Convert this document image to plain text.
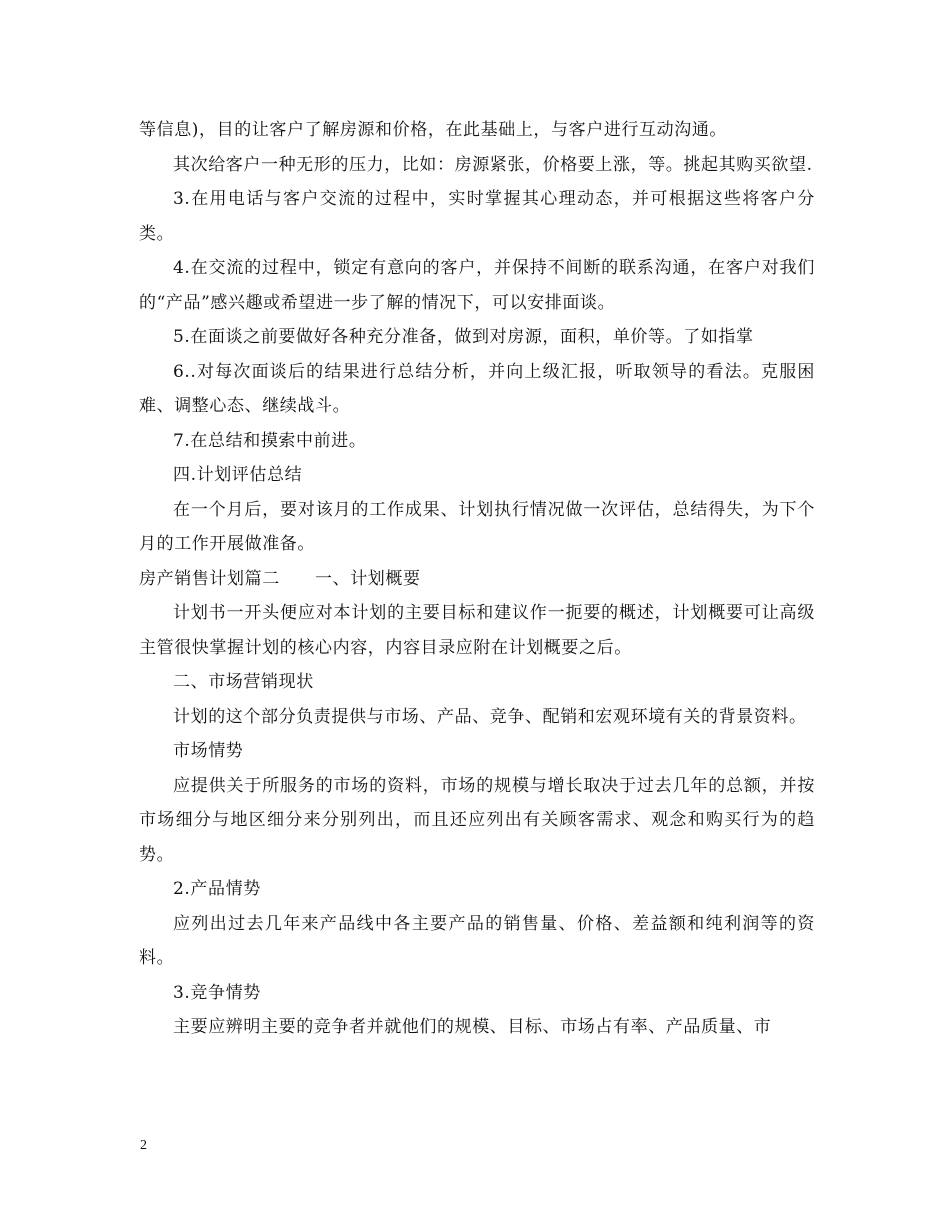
等信息)，目的让客户了解房源和价格，在此基础上，与客户进行互动沟通。

其次给客户一种无形的压力，比如：房源紧张，价格要上涨，等。挑起其购买欲望.

3.在用电话与客户交流的过程中，实时掌握其心理动态，并可根据这些将客户分类。

4.在交流的过程中，锁定有意向的客户，并保持不间断的联系沟通，在客户对我们的“产品”感兴趣或希望进一步了解的情况下，可以安排面谈。

5.在面谈之前要做好各种充分准备，做到对房源，面积，单价等。了如指掌

6..对每次面谈后的结果进行总结分析，并向上级汇报，听取领导的看法。克服困难、调整心态、继续战斗。

7.在总结和摸索中前进。

四.计划评估总结

在一个月后，要对该月的工作成果、计划执行情况做一次评估，总结得失，为下个月的工作开展做准备。

房产销售计划篇二　　一、计划概要

计划书一开头便应对本计划的主要目标和建议作一扼要的概述，计划概要可让高级主管很快掌握计划的核心内容，内容目录应附在计划概要之后。

二、市场营销现状

计划的这个部分负责提供与市场、产品、竞争、配销和宏观环境有关的背景资料。

市场情势

应提供关于所服务的市场的资料，市场的规模与增长取决于过去几年的总额，并按市场细分与地区细分来分别列出，而且还应列出有关顾客需求、观念和购买行为的趋势。

2.产品情势

应列出过去几年来产品线中各主要产品的销售量、价格、差益额和纯利润等的资料。

3.竞争情势

主要应辨明主要的竞争者并就他们的规模、目标、市场占有率、产品质量、市

2
